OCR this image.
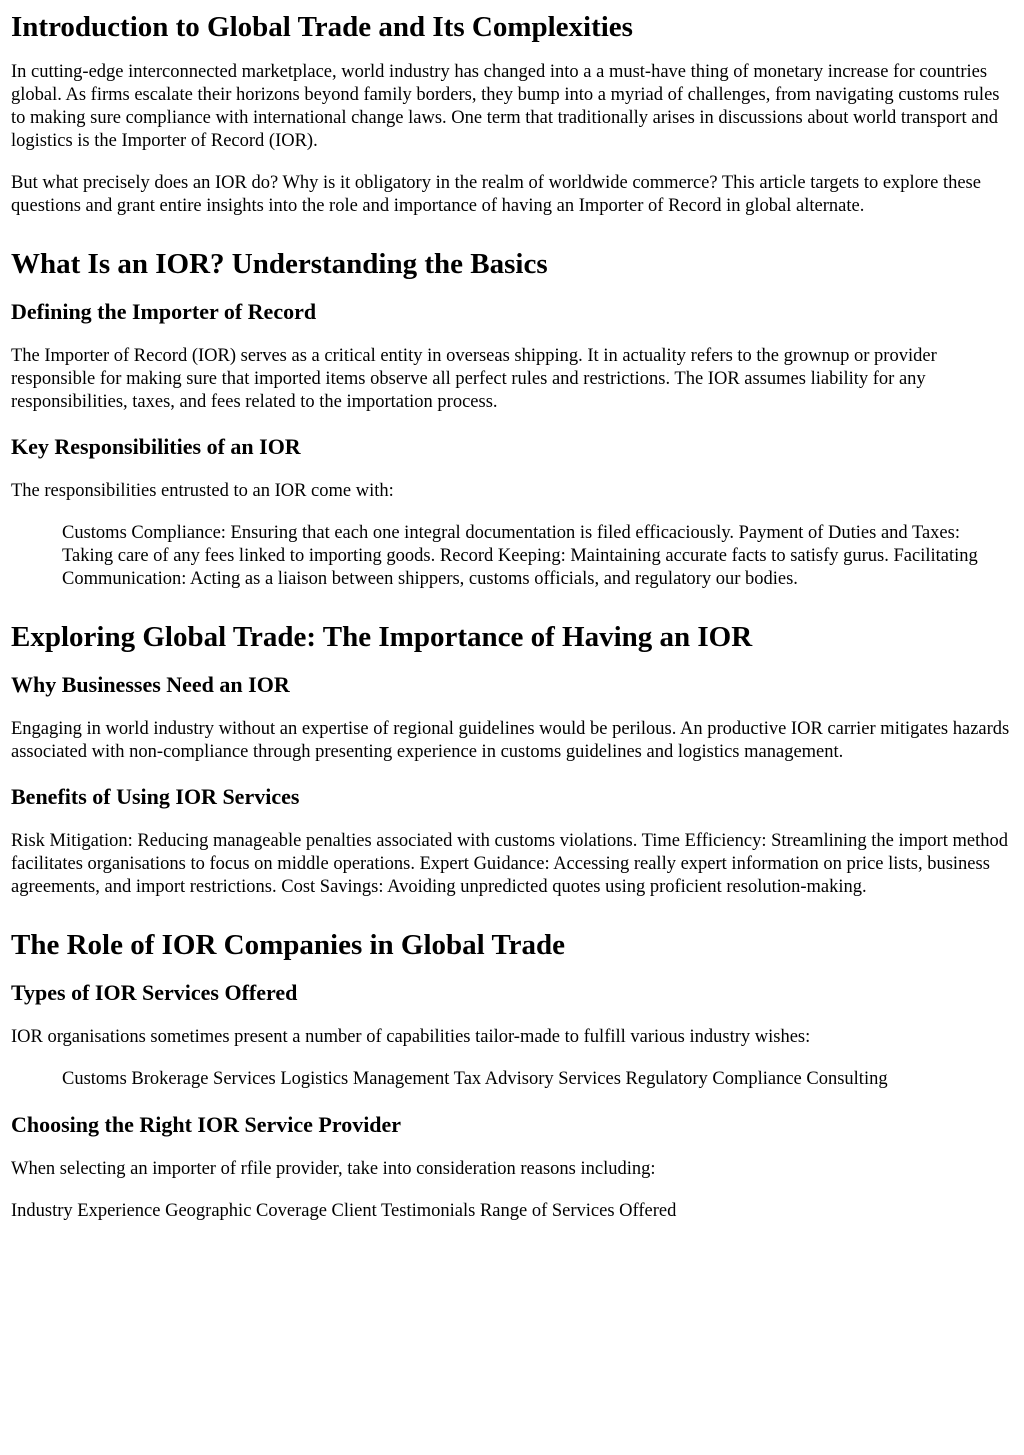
Introduction to Global Trade and Its Complexities

In cutting-edge interconnected marketplace, world industry has changed into a a must-have thing of monetary increase for countries global. As firms escalate their horizons beyond family borders, they bump into a myriad of challenges, from navigating customs rules to making sure compliance with international change laws. One term that traditionally arises in discussions about world transport and logistics is the Importer of Record (IOR).

But what precisely does an IOR do? Why is it obligatory in the realm of worldwide commerce? This article targets to explore these questions and grant entire insights into the role and importance of having an Importer of Record in global alternate.

What Is an IOR? Understanding the Basics
Defining the Importer of Record

The Importer of Record (IOR) serves as a critical entity in overseas shipping. It in actuality refers to the grownup or provider responsible for making sure that imported items observe all perfect rules and restrictions. The IOR assumes liability for any responsibilities, taxes, and fees related to the importation process.

Key Responsibilities of an IOR

The responsibilities entrusted to an IOR come with:

Customs Compliance: Ensuring that each one integral documentation is filed efficaciously. Payment of Duties and Taxes: Taking care of any fees linked to importing goods. Record Keeping: Maintaining accurate facts to satisfy gurus. Facilitating Communication: Acting as a liaison between shippers, customs officials, and regulatory our bodies.
Exploring Global Trade: The Importance of Having an IOR
Why Businesses Need an IOR

Engaging in world industry without an expertise of regional guidelines would be perilous. An productive IOR carrier mitigates hazards associated with non-compliance through presenting experience in customs guidelines and logistics management.

Benefits of Using IOR Services

Risk Mitigation: Reducing manageable penalties associated with customs violations. Time Efficiency: Streamlining the import method facilitates organisations to focus on middle operations. Expert Guidance: Accessing really expert information on price lists, business agreements, and import restrictions. Cost Savings: Avoiding unpredicted quotes using proficient resolution-making.

The Role of IOR Companies in Global Trade
Types of IOR Services Offered

IOR organisations sometimes present a number of capabilities tailor-made to fulfill various industry wishes:

Customs Brokerage Services Logistics Management Tax Advisory Services Regulatory Compliance Consulting
Choosing the Right IOR Service Provider

When selecting an importer of rfile provider, take into consideration reasons including:

Industry Experience Geographic Coverage Client Testimonials Range of Services Offered
